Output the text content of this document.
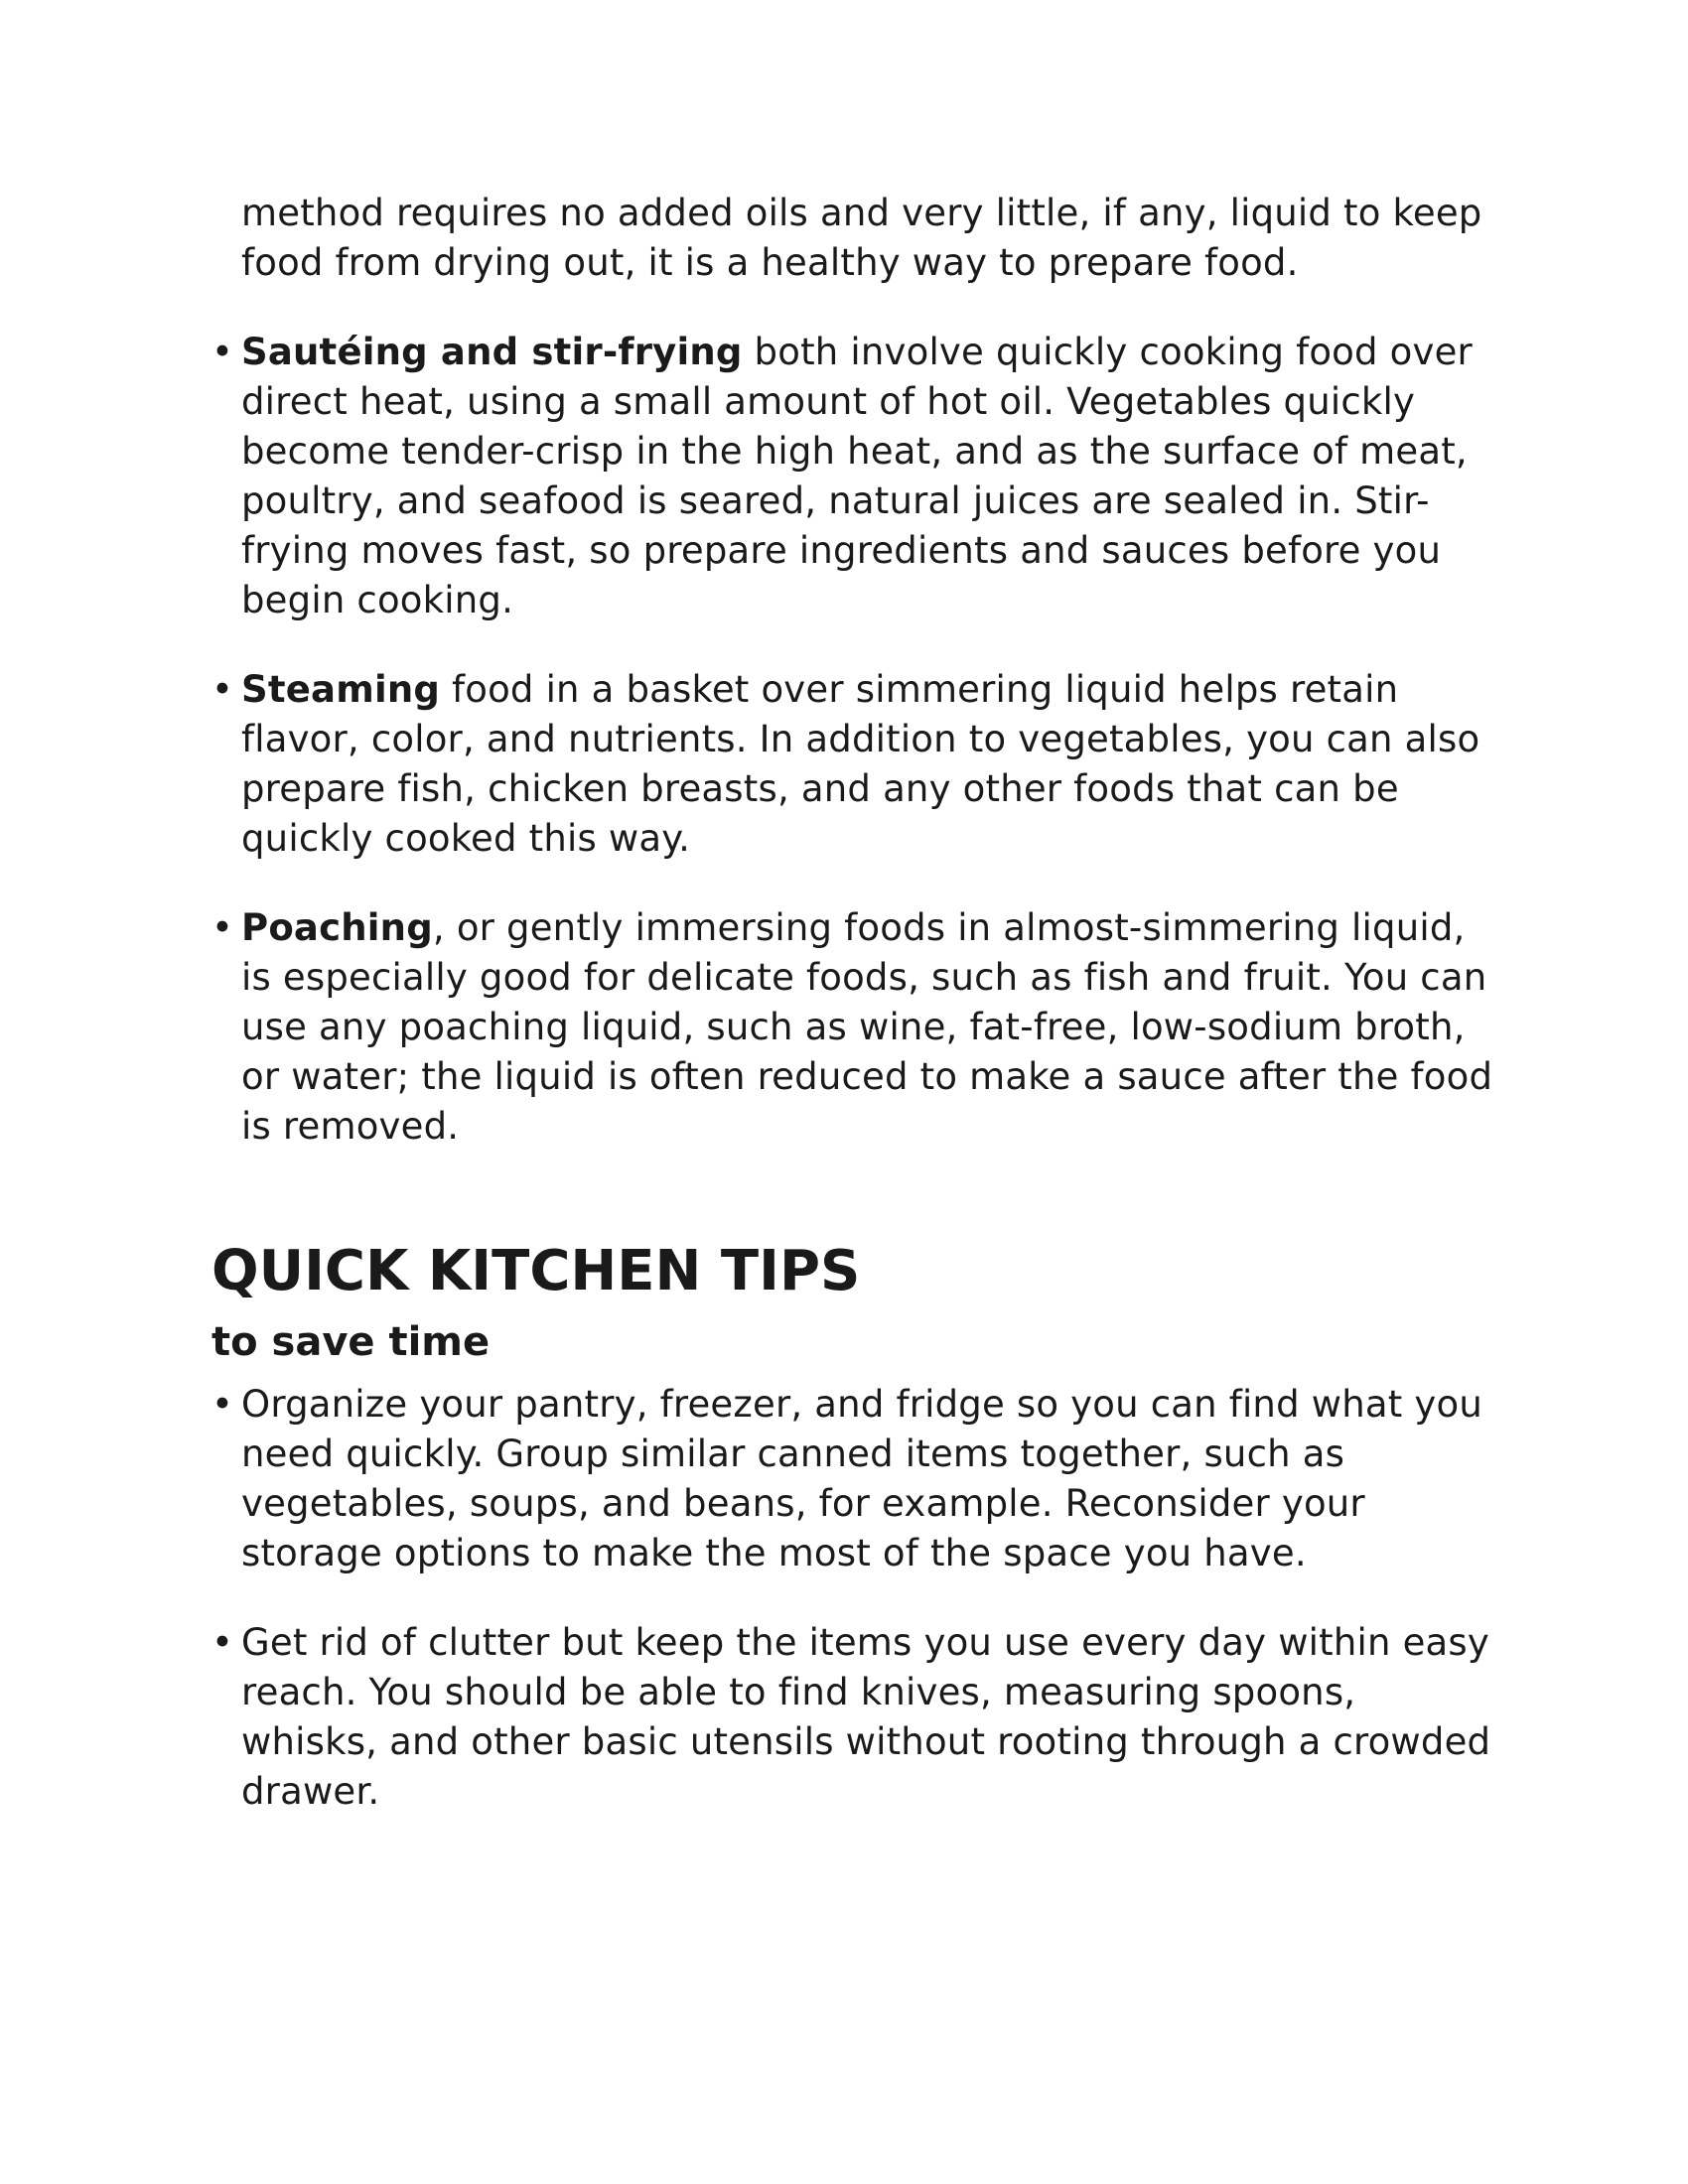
method requires no added oils and very little, if any, liquid to keep food from drying out, it is a healthy way to prepare food.
• Sautéing and stir-frying both involve quickly cooking food over direct heat, using a small amount of hot oil. Vegetables quickly become tender-crisp in the high heat, and as the surface of meat, poultry, and seafood is seared, natural juices are sealed in. Stir-frying moves fast, so prepare ingredients and sauces before you begin cooking.
• Steaming food in a basket over simmering liquid helps retain flavor, color, and nutrients. In addition to vegetables, you can also prepare fish, chicken breasts, and any other foods that can be quickly cooked this way.
• Poaching, or gently immersing foods in almost-simmering liquid, is especially good for delicate foods, such as fish and fruit. You can use any poaching liquid, such as wine, fat-free, low-sodium broth, or water; the liquid is often reduced to make a sauce after the food is removed.
QUICK KITCHEN TIPS
to save time
• Organize your pantry, freezer, and fridge so you can find what you need quickly. Group similar canned items together, such as vegetables, soups, and beans, for example. Reconsider your storage options to make the most of the space you have.
• Get rid of clutter but keep the items you use every day within easy reach. You should be able to find knives, measuring spoons, whisks, and other basic utensils without rooting through a crowded drawer.
